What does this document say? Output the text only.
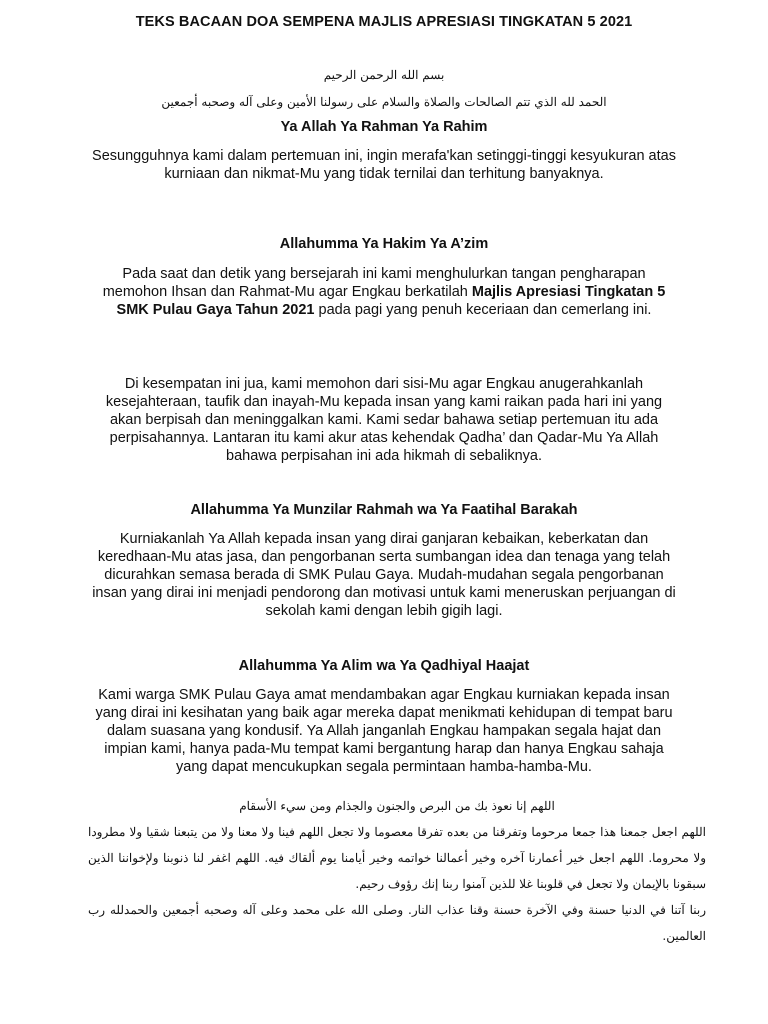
TEKS BACAAN DOA SEMPENA MAJLIS APRESIASI TINGKATAN 5 2021
بسم الله الرحمن الرحيم
الحمد لله الذي تتم الصالحات والصلاة والسلام على رسولنا الأمين وعلى آله وصحبه أجمعين
Ya Allah Ya Rahman Ya Rahim

Sesungguhnya kami dalam pertemuan ini, ingin merafa'kan setinggi-tinggi kesyukuran atas kurniaan dan nikmat-Mu yang tidak ternilai dan terhitung banyaknya.

Allahumma Ya Hakim Ya A’zim

Pada saat dan detik yang bersejarah ini kami menghulurkan tangan pengharapan memohon Ihsan dan Rahmat-Mu agar Engkau berkatilah Majlis Apresiasi Tingkatan 5 SMK Pulau Gaya Tahun 2021 pada pagi yang penuh keceriaan dan cemerlang ini.

Di kesempatan ini jua, kami memohon dari sisi-Mu agar Engkau anugerahkanlah kesejahteraan, taufik dan inayah-Mu kepada insan yang kami raikan pada hari ini yang akan berpisah dan meninggalkan kami. Kami sedar bahawa setiap pertemuan itu ada perpisahannya. Lantaran itu kami akur atas kehendak Qadha’ dan Qadar-Mu Ya Allah bahawa perpisahan ini ada hikmah di sebaliknya.

Allahumma Ya Munzilar Rahmah wa Ya Faatihal Barakah

Kurniakanlah Ya Allah kepada insan yang dirai ganjaran kebaikan, keberkatan dan keredhaan-Mu atas jasa, dan pengorbanan serta sumbangan idea dan tenaga yang telah dicurahkan semasa berada di SMK Pulau Gaya. Mudah-mudahan segala pengorbanan insan yang dirai ini menjadi pendorong dan motivasi untuk kami meneruskan perjuangan di sekolah kami dengan lebih gigih lagi.

Allahumma Ya Alim wa Ya Qadhiyal Haajat

Kami warga SMK Pulau Gaya amat mendambakan agar Engkau kurniakan kepada insan yang dirai ini kesihatan yang baik agar mereka dapat menikmati kehidupan di tempat baru dalam suasana yang kondusif. Ya Allah janganlah Engkau hampakan segala hajat dan impian kami, hanya pada-Mu tempat kami bergantung harap dan hanya Engkau sahaja yang dapat mencukupkan segala permintaan hamba-hamba-Mu.

اللهم إنا نعوذ بك من البرص والجنون والجذام ومن سيء الأسقام

اللهم اجعل جمعنا هذا جمعا مرحوما وتفرقنا من بعده تفرقا معصوما ولا تجعل اللهم فينا ولا معنا ولا من يتبعنا شقيا ولا مطرودا ولا محروما. اللهم اجعل خير أعمارنا آخره وخير أعمالنا خواتمه وخير أيامنا يوم ألقاك فيه. اللهم اغفر لنا ذنوبنا ولإخواننا الذين سبقونا بالإيمان ولا تجعل في قلوبنا غلا للذين آمنوا ربنا إنك رؤوف رحيم.

ربنا آتنا في الدنيا حسنة وفي الآخرة حسنة وقنا عذاب النار. وصلى الله على محمد وعلى آله وصحبه أجمعين والحمدلله رب العالمين.
